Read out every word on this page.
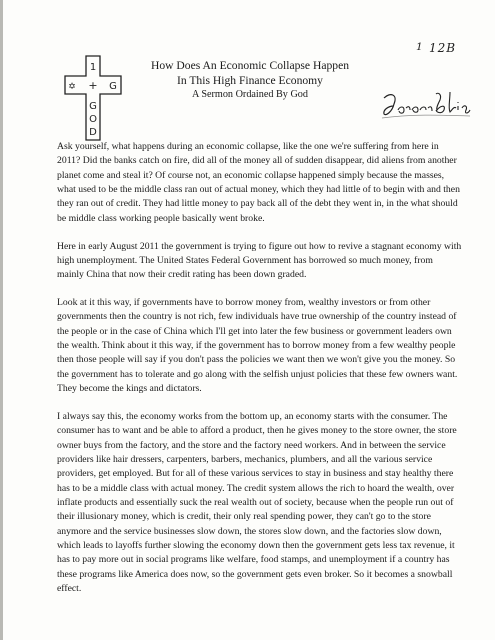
1
✡ + G
G
O
D
How Does An Economic Collapse Happen
In This High Finance Economy
A Sermon Ordained By God
1 12B

Ask yourself, what happens during an economic collapse, like the one we're suffering from here in 2011? Did the banks catch on fire, did all of the money all of sudden disappear, did aliens from another planet come and steal it? Of course not, an economic collapse happened simply because the masses, what used to be the middle class ran out of actual money, which they had little of to begin with and then they ran out of credit. They had little money to pay back all of the debt they went in, in the what should be middle class working people basically went broke.

Here in early August 2011 the government is trying to figure out how to revive a stagnant economy with high unemployment. The United States Federal Government has borrowed so much money, from mainly China that now their credit rating has been down graded.

Look at it this way, if governments have to borrow money from, wealthy investors or from other governments then the country is not rich, few individuals have true ownership of the country instead of the people or in the case of China which I'll get into later the few business or government leaders own the wealth. Think about it this way, if the government has to borrow money from a few wealthy people then those people will say if you don't pass the policies we want then we won't give you the money. So the government has to tolerate and go along with the selfish unjust policies that these few owners want. They become the kings and dictators.

I always say this, the economy works from the bottom up, an economy starts with the consumer. The consumer has to want and be able to afford a product, then he gives money to the store owner, the store owner buys from the factory, and the store and the factory need workers. And in between the service providers like hair dressers, carpenters, barbers, mechanics, plumbers, and all the various service providers, get employed. But for all of these various services to stay in business and stay healthy there has to be a middle class with actual money. The credit system allows the rich to hoard the wealth, over inflate products and essentially suck the real wealth out of society, because when the people run out of their illusionary money, which is credit, their only real spending power, they can't go to the store anymore and the service businesses slow down, the stores slow down, and the factories slow down, which leads to layoffs further slowing the economy down then the government gets less tax revenue, it has to pay more out in social programs like welfare, food stamps, and unemployment if a country has these programs like America does now, so the government gets even broker. So it becomes a snowball effect.
